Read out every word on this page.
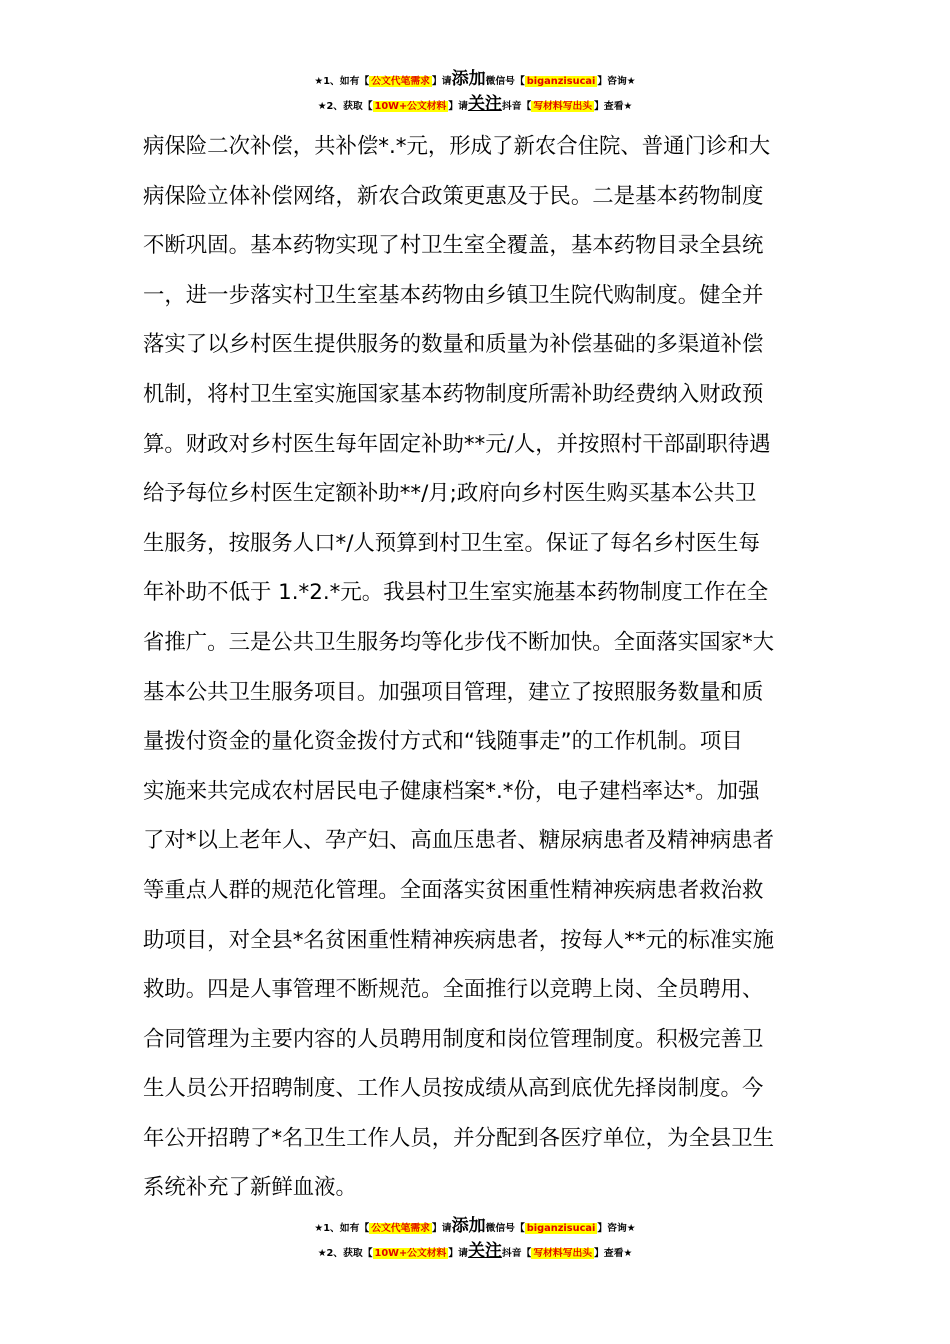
★1、如有【 公文代笔需求 】请添加微信号【 biganzisucai 】咨询★
★2、获取【 10W+公文材料 】请关注抖音【 写材料写出头 】查看★
病保险二次补偿，共补偿*.*元，形成了新农合住院、普通门诊和大
病保险立体补偿网络，新农合政策更惠及于民。二是基本药物制度
不断巩固。基本药物实现了村卫生室全覆盖，基本药物目录全县统
一，进一步落实村卫生室基本药物由乡镇卫生院代购制度。健全并
落实了以乡村医生提供服务的数量和质量为补偿基础的多渠道补偿
机制，将村卫生室实施国家基本药物制度所需补助经费纳入财政预
算。财政对乡村医生每年固定补助**元/人，并按照村干部副职待遇
给予每位乡村医生定额补助**/月;政府向乡村医生购买基本公共卫
生服务，按服务人口*/人预算到村卫生室。保证了每名乡村医生每
年补助不低于 1.*2.*元。我县村卫生室实施基本药物制度工作在全
省推广。三是公共卫生服务均等化步伐不断加快。全面落实国家*大
基本公共卫生服务项目。加强项目管理，建立了按照服务数量和质
量拨付资金的量化资金拨付方式和“钱随事走”的工作机制。项目
实施来共完成农村居民电子健康档案*.*份，电子建档率达*。加强
了对*以上老年人、孕产妇、高血压患者、糖尿病患者及精神病患者
等重点人群的规范化管理。全面落实贫困重性精神疾病患者救治救
助项目，对全县*名贫困重性精神疾病患者，按每人**元的标准实施
救助。四是人事管理不断规范。全面推行以竞聘上岗、全员聘用、
合同管理为主要内容的人员聘用制度和岗位管理制度。积极完善卫
生人员公开招聘制度、工作人员按成绩从高到底优先择岗制度。今
年公开招聘了*名卫生工作人员，并分配到各医疗单位，为全县卫生
系统补充了新鲜血液。
★1、如有【 公文代笔需求 】请添加微信号【 biganzisucai 】咨询★
★2、获取【 10W+公文材料 】请关注抖音【 写材料写出头 】查看★
